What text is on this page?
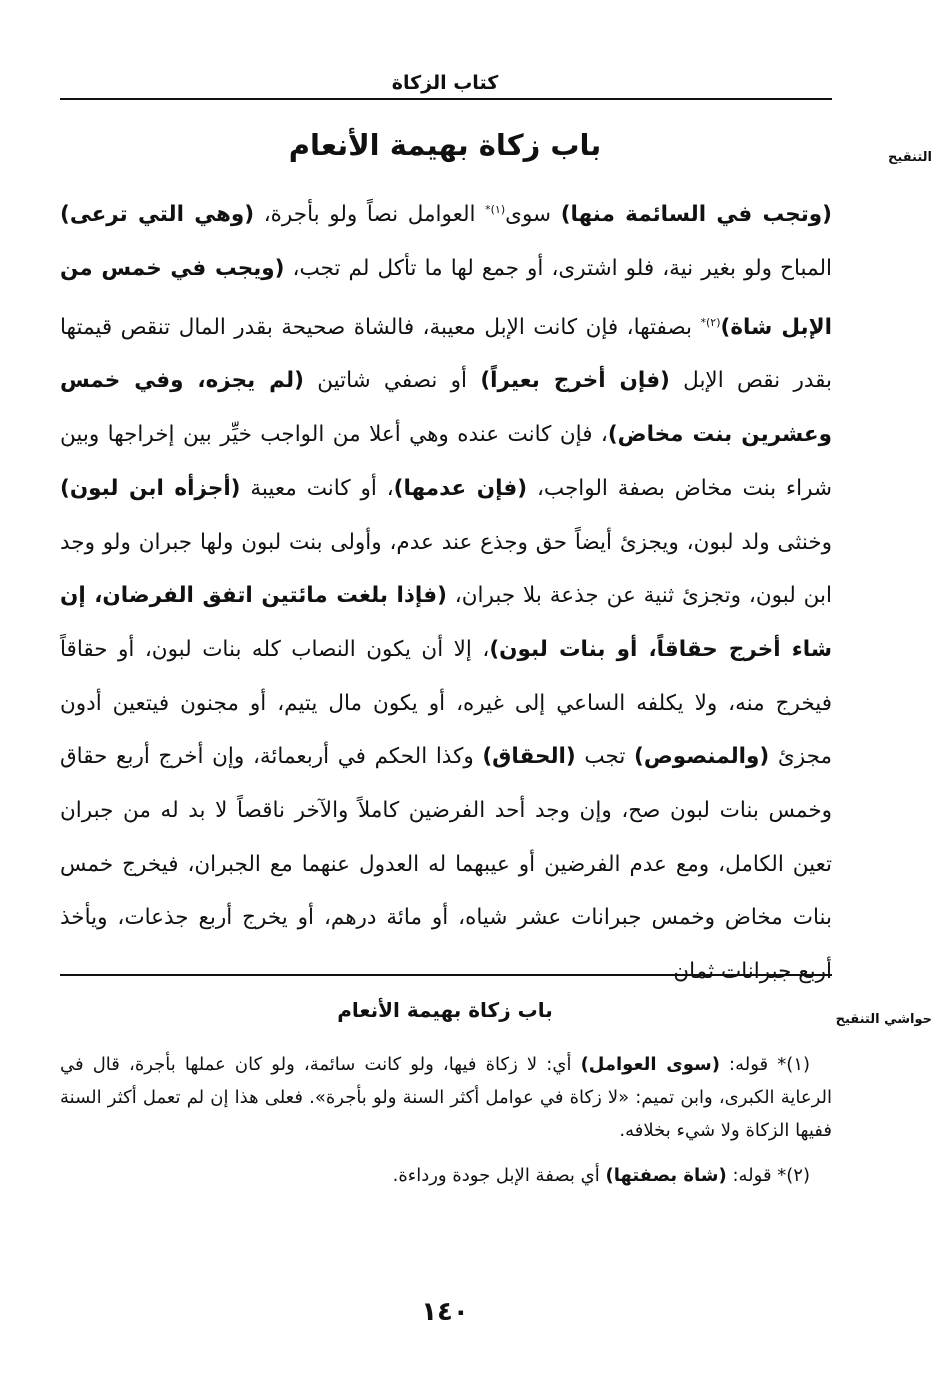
كتاب الزكاة
التنقيح
باب زكاة بهيمة الأنعام
(وتجب في السائمة منها) سوى$^{(١)*}$ العوامل نصاً ولو بأجرة، (وهي التي ترعى) المباح ولو بغير نية، فلو اشترى، أو جمع لها ما تأكل لم تجب، (ويجب في خمس من الإبل شاة)$^{(٢)*}$ بصفتها، فإن كانت الإبل معيبة، فالشاة صحيحة بقدر المال تنقص قيمتها بقدر نقص الإبل (فإن أخرج بعيراً) أو نصفي شاتين (لم يجزه، وفي خمس وعشرين بنت مخاض)، فإن كانت عنده وهي أعلا من الواجب خيِّر بين إخراجها وبين شراء بنت مخاض بصفة الواجب، (فإن عدمها)، أو كانت معيبة (أجزأه ابن لبون) وخنثى ولد لبون، ويجزئ أيضاً حق وجذع عند عدم، وأولى بنت لبون ولها جبران ولو وجد ابن لبون، وتجزئ ثنية عن جذعة بلا جبران، (فإذا بلغت مائتين اتفق الفرضان، إن شاء أخرج حقاقاً، أو بنات لبون)، إلا أن يكون النصاب كله بنات لبون، أو حقاقاً فيخرج منه، ولا يكلفه الساعي إلى غيره، أو يكون مال يتيم، أو مجنون فيتعين أدون مجزئ (والمنصوص) تجب (الحقاق) وكذا الحكم في أربعمائة، وإن أخرج أربع حقاق وخمس بنات لبون صح، وإن وجد أحد الفرضين كاملاً والآخر ناقصاً لا بد له من جبران تعين الكامل، ومع عدم الفرضين أو عيبهما له العدول عنهما مع الجبران، فيخرج خمس بنات مخاض وخمس جبرانات عشر شياه، أو مائة درهم، أو يخرج أربع جذعات، ويأخذ أربع جبرانات ثمان
حواشي التنقيح
باب زكاة بهيمة الأنعام

(١)* قوله: (سوى العوامل) أي: لا زكاة فيها، ولو كانت سائمة، ولو كان عملها بأجرة، قال في الرعاية الكبرى، وابن تميم: «لا زكاة في عوامل أكثر السنة ولو بأجرة». فعلى هذا إن لم تعمل أكثر السنة ففيها الزكاة ولا شيء بخلافه.

(٢)* قوله: (شاة بصفتها) أي بصفة الإبل جودة ورداءة.

١٤٠
